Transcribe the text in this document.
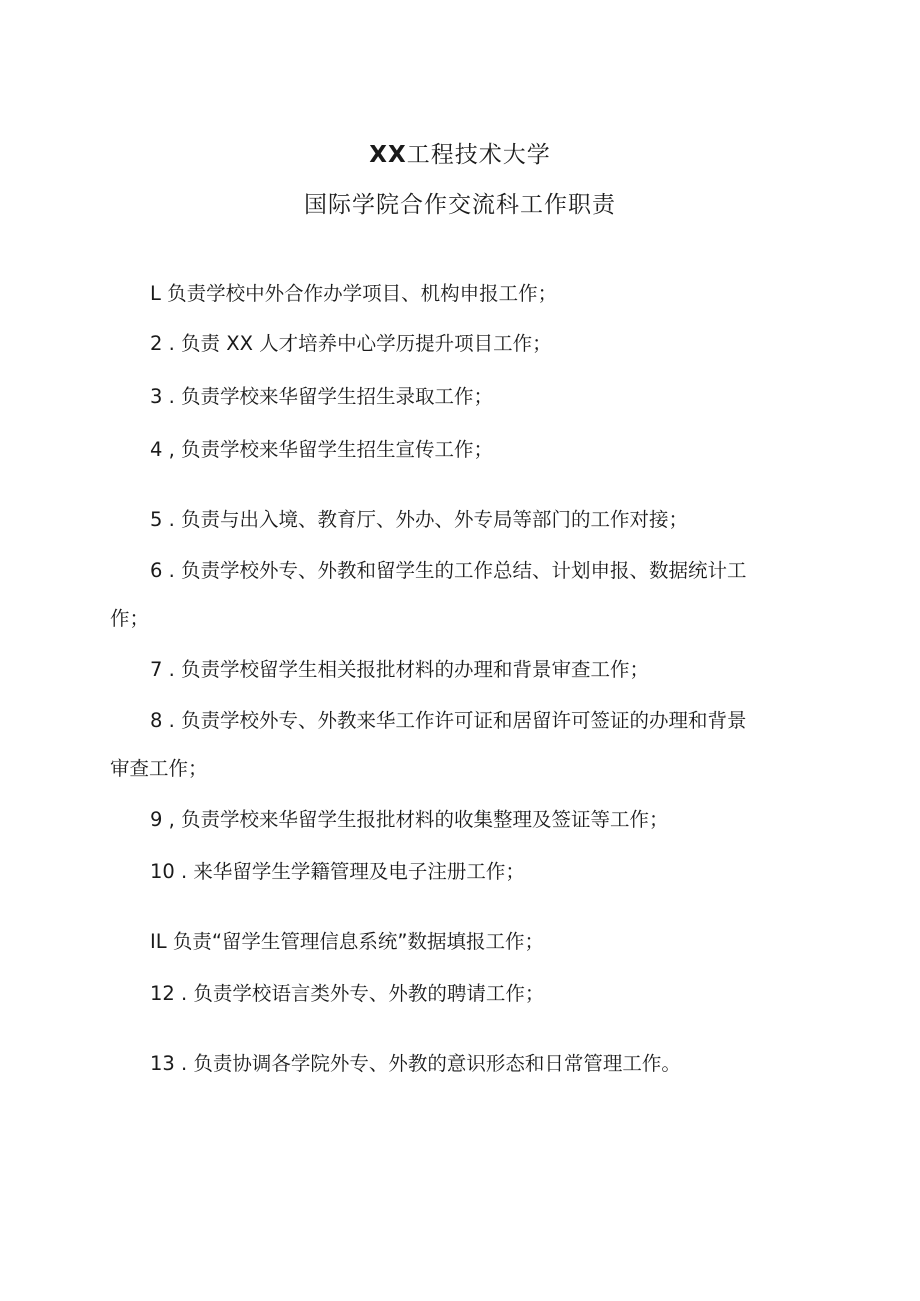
XX工程技术大学
国际学院合作交流科工作职责
L 负责学校中外合作办学项目、机构申报工作；
2 . 负责 XX 人才培养中心学历提升项目工作；
3 . 负责学校来华留学生招生录取工作；
4 , 负责学校来华留学生招生宣传工作；
5 . 负责与出入境、教育厅、外办、外专局等部门的工作对接；
6 . 负责学校外专、外教和留学生的工作总结、计划申报、数据统计工
作；
7 . 负责学校留学生相关报批材料的办理和背景审查工作；
8 . 负责学校外专、外教来华工作许可证和居留许可签证的办理和背景
审查工作；
9 , 负责学校来华留学生报批材料的收集整理及签证等工作；
10 . 来华留学生学籍管理及电子注册工作；
IL 负责“留学生管理信息系统”数据填报工作；
12 . 负责学校语言类外专、外教的聘请工作；
13 . 负责协调各学院外专、外教的意识形态和日常管理工作。
